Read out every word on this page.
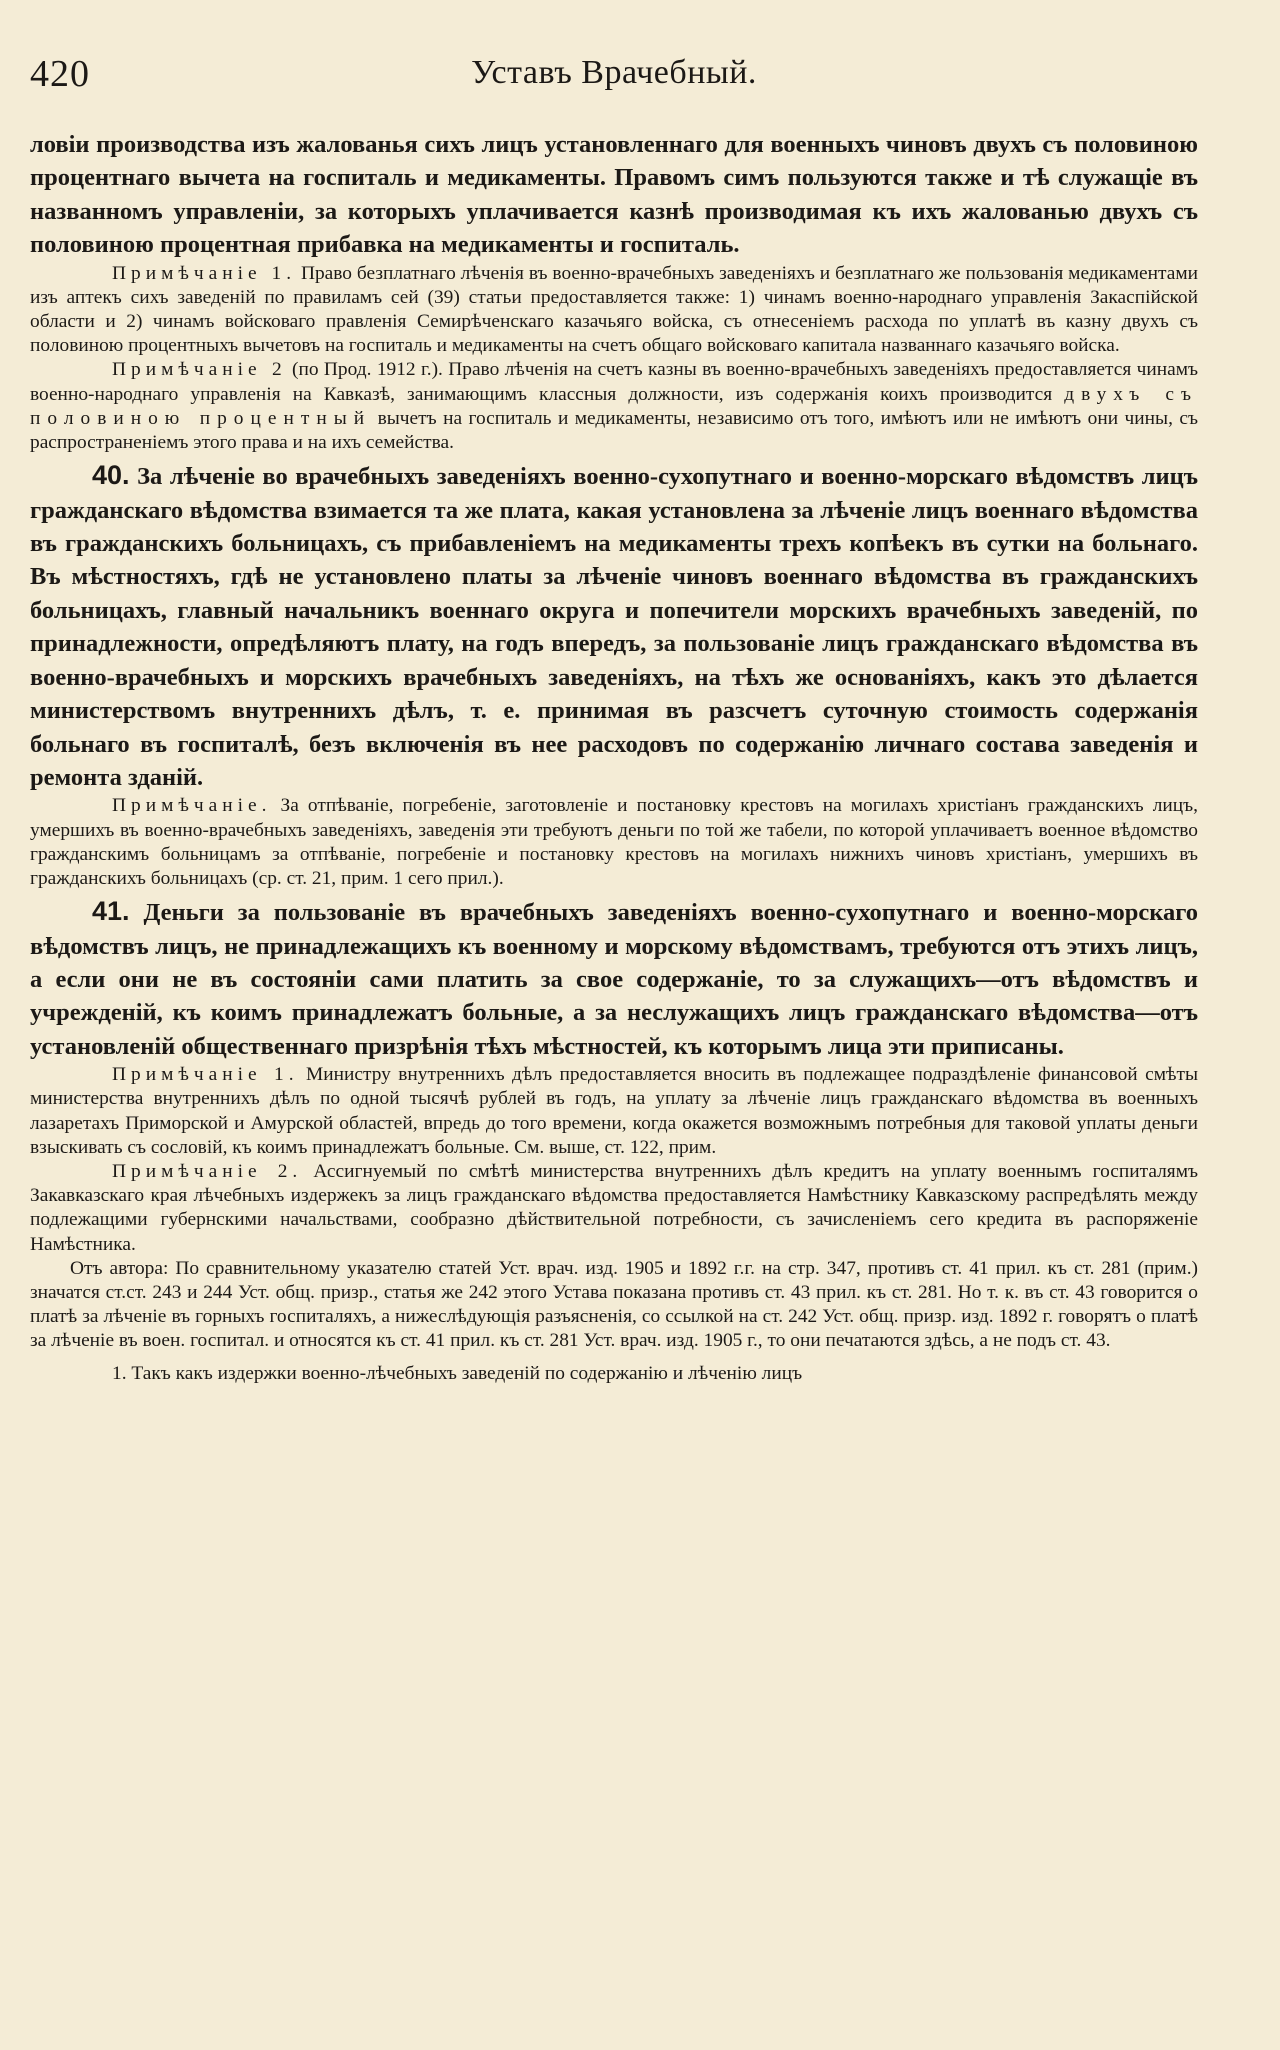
420	Уставъ Врачебный.

ловіи производства изъ жалованья сихъ лицъ установленнаго для военныхъ чиновъ двухъ съ половиною процентнаго вычета на госпиталь и медикаменты. Правомъ симъ пользуются также и тѣ служащіе въ названномъ управленіи, за которыхъ уплачивается казнѣ производимая къ ихъ жалованью двухъ съ половиною процентная прибавка на медикаменты и госпиталь.

Примѣчаніе 1. Право безплатнаго лѣченія въ военно-врачебныхъ заведеніяхъ и безплатнаго же пользованія медикаментами изъ аптекъ сихъ заведеній по правиламъ сей (39) статьи предоставляется также: 1) чинамъ военно-народнаго управленія Закаспійской области и 2) чинамъ войсковаго правленія Семирѣченскаго казачьяго войска, съ отнесеніемъ расхода по уплатѣ въ казну двухъ съ половиною процентныхъ вычетовъ на госпиталь и медикаменты на счетъ общаго войсковаго капитала названнаго казачьяго войска.

Примѣчаніе 2 (по Прод. 1912 г.). Право лѣченія на счетъ казны въ военно-врачебныхъ заведеніяхъ предоставляется чинамъ военно-народнаго управленія на Кавказѣ, занимающимъ классныя должности, изъ содержанія коихъ производится двухъ съ половиною процентный вычетъ на госпиталь и медикаменты, независимо отъ того, имѣютъ или не имѣютъ они чины, съ распространеніемъ этого права и на ихъ семейства.

40. За лѣченіе во врачебныхъ заведеніяхъ военно-сухопутнаго и военно-морскаго вѣдомствъ лицъ гражданскаго вѣдомства взимается та же плата, какая установлена за лѣченіе лицъ военнаго вѣдомства въ гражданскихъ больницахъ, съ прибавленіемъ на медикаменты трехъ копѣекъ въ сутки на больнаго. Въ мѣстностяхъ, гдѣ не установлено платы за лѣченіе чиновъ военнаго вѣдомства въ гражданскихъ больницахъ, главный начальникъ военнаго округа и попечители морскихъ врачебныхъ заведеній, по принадлежности, опредѣляютъ плату, на годъ впередъ, за пользованіе лицъ гражданскаго вѣдомства въ военно-врачебныхъ и морскихъ врачебныхъ заведеніяхъ, на тѣхъ же основаніяхъ, какъ это дѣлается министерствомъ внутреннихъ дѣлъ, т. е. принимая въ разсчетъ суточную стоимость содержанія больнаго въ госпиталѣ, безъ включенія въ нее расходовъ по содержанію личнаго состава заведенія и ремонта зданій.

Примѣчаніе. За отпѣваніе, погребеніе, заготовленіе и постановку крестовъ на могилахъ христіанъ гражданскихъ лицъ, умершихъ въ военно-врачебныхъ заведеніяхъ, заведенія эти требуютъ деньги по той же табели, по которой уплачиваетъ военное вѣдомство гражданскимъ больницамъ за отпѣваніе, погребеніе и постановку крестовъ на могилахъ нижнихъ чиновъ христіанъ, умершихъ въ гражданскихъ больницахъ (ср. ст. 21, прим. 1 сего прил.).

41. Деньги за пользованіе въ врачебныхъ заведеніяхъ военно-сухопутнаго и военно-морскаго вѣдомствъ лицъ, не принадлежащихъ къ военному и морскому вѣдомствамъ, требуются отъ этихъ лицъ, а если они не въ состояніи сами платить за свое содержаніе, то за служащихъ—отъ вѣдомствъ и учрежденій, къ коимъ принадлежатъ больные, а за неслужащихъ лицъ гражданскаго вѣдомства—отъ установленій общественнаго призрѣнія тѣхъ мѣстностей, къ которымъ лица эти приписаны.

Примѣчаніе 1. Министру внутреннихъ дѣлъ предоставляется вносить въ подлежащее подраздѣленіе финансовой смѣты министерства внутреннихъ дѣлъ по одной тысячѣ рублей въ годъ, на уплату за лѣченіе лицъ гражданскаго вѣдомства въ военныхъ лазаретахъ Приморской и Амурской областей, впредь до того времени, когда окажется возможнымъ потребныя для таковой уплаты деньги взыскивать съ сословій, къ коимъ принадлежатъ больные. См. выше, ст. 122, прим.

Примѣчаніе 2. Ассигнуемый по смѣтѣ министерства внутреннихъ дѣлъ кредитъ на уплату военнымъ госпиталямъ Закавказскаго края лѣчебныхъ издержекъ за лицъ гражданскаго вѣдомства предоставляется Намѣстнику Кавказскому распредѣлять между подлежащими губернскими начальствами, сообразно дѣйствительной потребности, съ зачисленіемъ сего кредита въ распоряженіе Намѣстника.

Отъ автора: По сравнительному указателю статей Уст. врач. изд. 1905 и 1892 г.г. на стр. 347, противъ ст. 41 прил. къ ст. 281 (прим.) значатся ст.ст. 243 и 244 Уст. общ. призр., статья же 242 этого Устава показана противъ ст. 43 прил. къ ст. 281. Но т. к. въ ст. 43 говорится о платѣ за лѣченіе въ горныхъ госпиталяхъ, а нижеслѣдующія разъясненія, со ссылкой на ст. 242 Уст. общ. призр. изд. 1892 г. говорятъ о платѣ за лѣченіе въ воен. госпитал. и относятся къ ст. 41 прил. къ ст. 281 Уст. врач. изд. 1905 г., то они печатаются здѣсь, а не подъ ст. 43.

1. Такъ какъ издержки военно-лѣчебныхъ заведеній по содержанію и лѣченію лицъ
